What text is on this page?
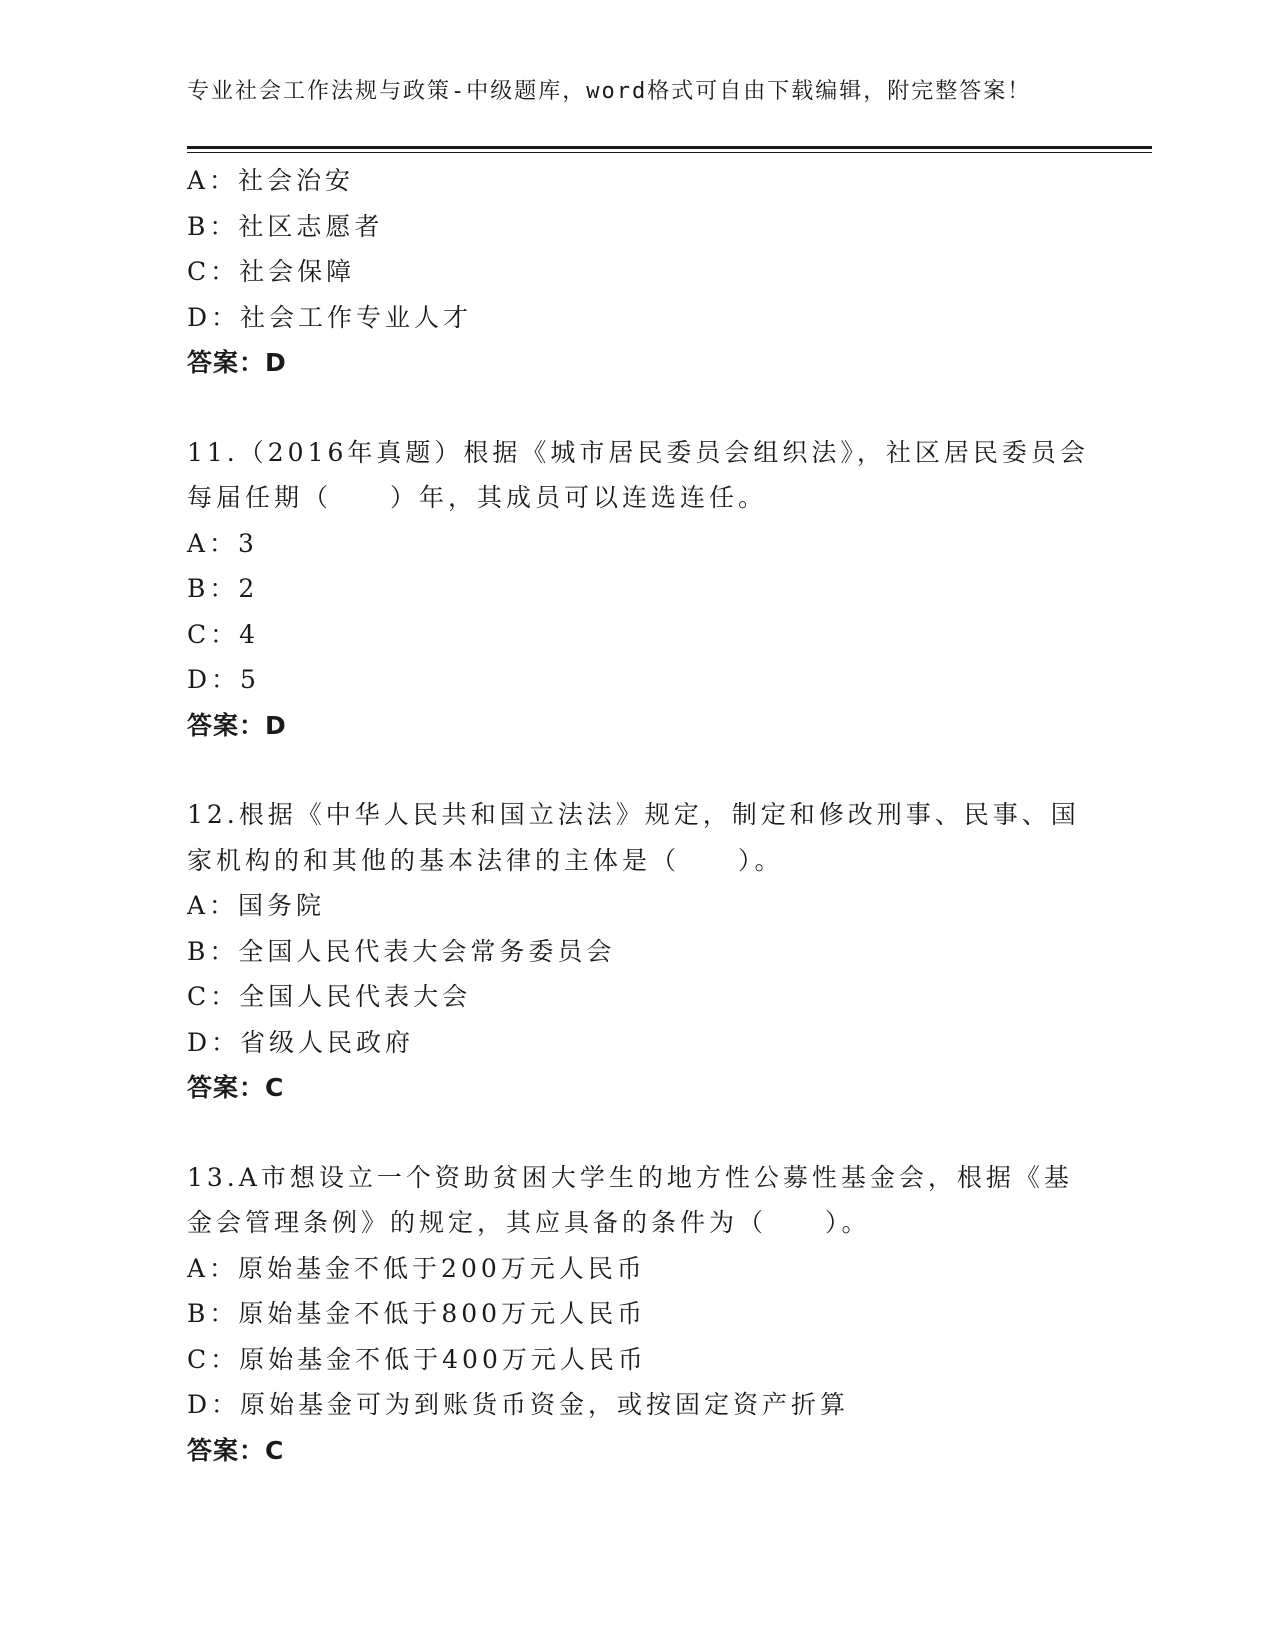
专业社会工作法规与政策-中级题库，word格式可自由下载编辑，附完整答案！
A：社会治安
B：社区志愿者
C：社会保障
D：社会工作专业人才
答案：D
11.（2016年真题）根据《城市居民委员会组织法》，社区居民委员会
每届任期（　　）年，其成员可以连选连任。
A：3
B：2
C：4
D：5
答案：D
12.根据《中华人民共和国立法法》规定，制定和修改刑事、民事、国
家机构的和其他的基本法律的主体是（　　）。
A：国务院
B：全国人民代表大会常务委员会
C：全国人民代表大会
D：省级人民政府
答案：C
13.A市想设立一个资助贫困大学生的地方性公募性基金会，根据《基
金会管理条例》的规定，其应具备的条件为（　　）。
A：原始基金不低于200万元人民币
B：原始基金不低于800万元人民币
C：原始基金不低于400万元人民币
D：原始基金可为到账货币资金，或按固定资产折算
答案：C
